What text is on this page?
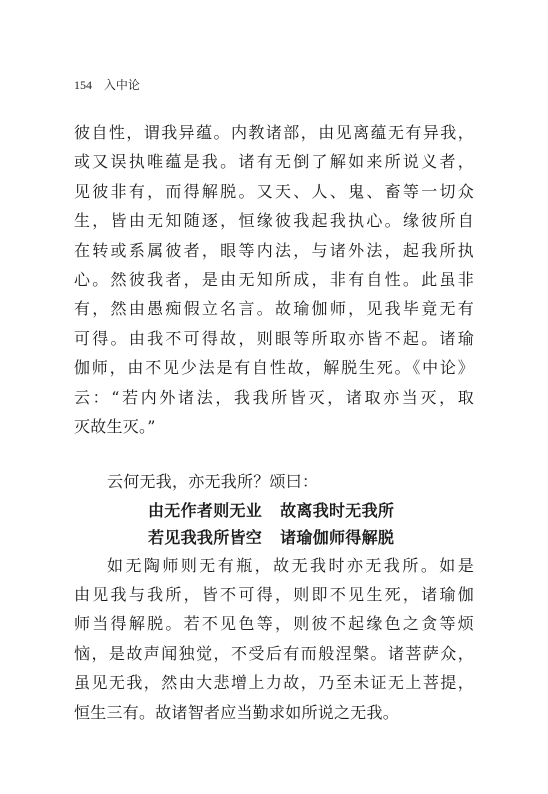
154 入中论
彼自性，谓我异蕴。内教诸部，由见离蕴无有异我，
或又误执唯蕴是我。诸有无倒了解如来所说义者，
见彼非有，而得解脱。又天、人、鬼、畜等一切众
生，皆由无知随逐，恒缘彼我起我执心。缘彼所自
在转或系属彼者，眼等内法，与诸外法，起我所执
心。然彼我者，是由无知所成，非有自性。此虽非
有，然由愚痴假立名言。故瑜伽师，见我毕竟无有
可得。由我不可得故，则眼等所取亦皆不起。诸瑜
伽师，由不见少法是有自性故，解脱生死。《中论》
云：“若内外诸法，我我所皆灭，诸取亦当灭，取
灭故生灭。”
云何无我，亦无我所？颂曰：
由无作者则无业 故离我时无我所
若见我我所皆空 诸瑜伽师得解脱
如无陶师则无有瓶，故无我时亦无我所。如是
由见我与我所，皆不可得，则即不见生死，诸瑜伽
师当得解脱。若不见色等，则彼不起缘色之贪等烦
恼，是故声闻独觉，不受后有而般涅槃。诸菩萨众，
虽见无我，然由大悲增上力故，乃至未证无上菩提，
恒生三有。故诸智者应当勤求如所说之无我。
